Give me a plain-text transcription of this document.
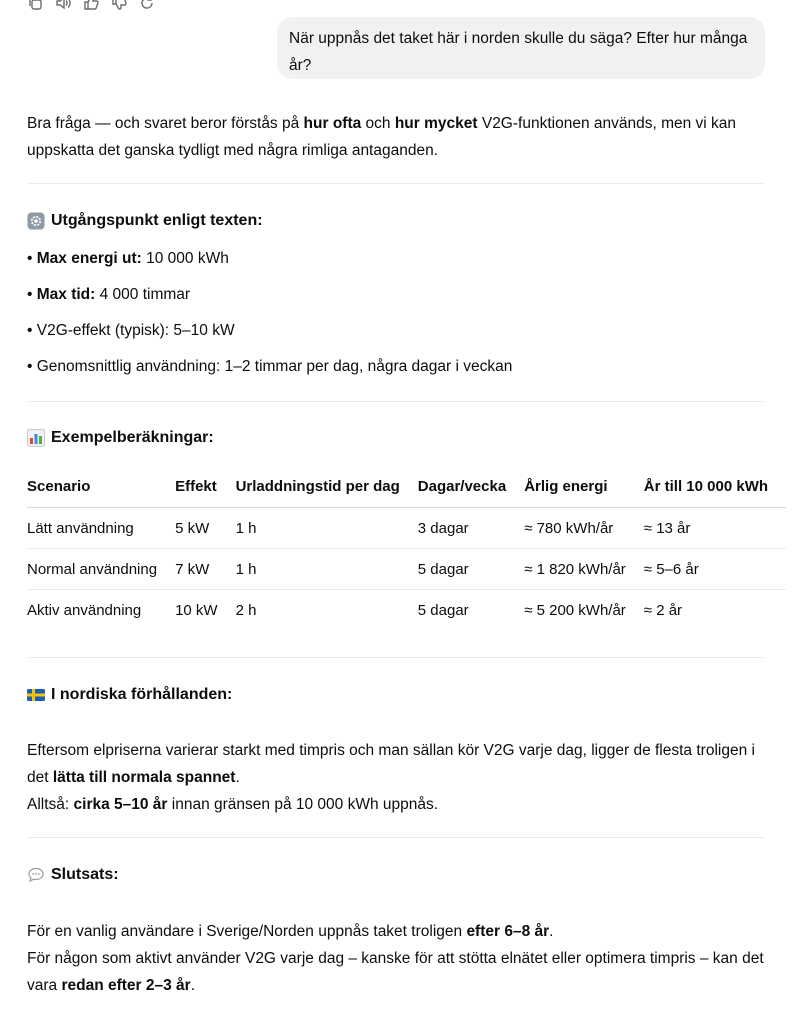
När uppnås det taket här i norden skulle du säga? Efter hur många år?
Bra fråga — och svaret beror förstås på hur ofta och hur mycket V2G-funktionen används, men vi kan uppskatta det ganska tydligt med några rimliga antaganden.
Utgångspunkt enligt texten:
• Max energi ut: 10 000 kWh
• Max tid: 4 000 timmar
• V2G-effekt (typisk): 5–10 kW
• Genomsnittlig användning: 1–2 timmar per dag, några dagar i veckan
Exempelberäkningar:
Scenario	Effekt	Urladdningstid per dag	Dagar/vecka	Årlig energi	År till 10 000 kWh
Lätt användning	5 kW	1 h	3 dagar	≈ 780 kWh/år	≈ 13 år
Normal användning	7 kW	1 h	5 dagar	≈ 1 820 kWh/år	≈ 5–6 år
Aktiv användning	10 kW	2 h	5 dagar	≈ 5 200 kWh/år	≈ 2 år
I nordiska förhållanden:
Eftersom elpriserna varierar starkt med timpris och man sällan kör V2G varje dag, ligger de flesta troligen i det lätta till normala spannet.
Alltså: cirka 5–10 år innan gränsen på 10 000 kWh uppnås.
Slutsats:
För en vanlig användare i Sverige/Norden uppnås taket troligen efter 6–8 år.
För någon som aktivt använder V2G varje dag – kanske för att stötta elnätet eller optimera timpris – kan det vara redan efter 2–3 år.
